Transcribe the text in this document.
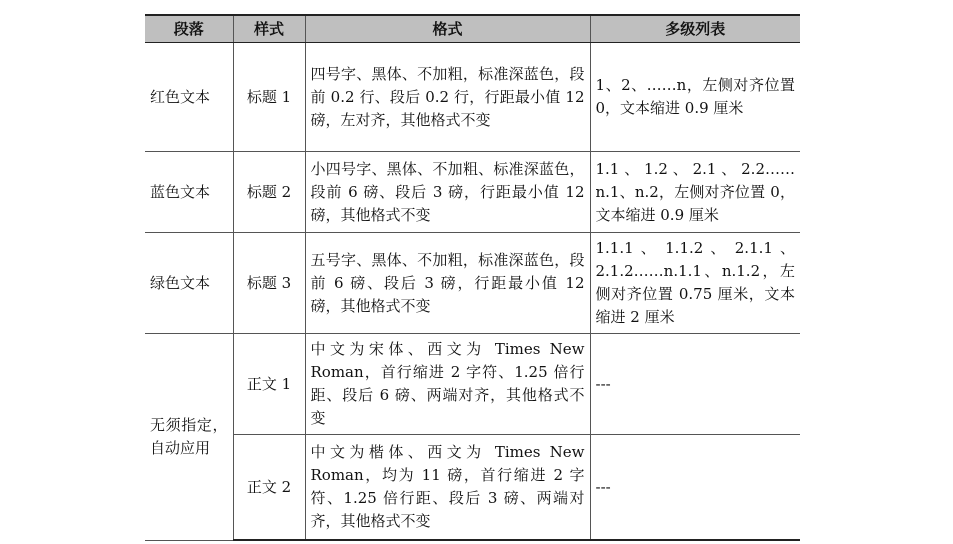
段落	样式	格式	多级列表
红色文本	标题 1	四号字、黑体、不加粗，标准深蓝色，段前 0.2 行、段后 0.2 行，行距最小值 12 磅，左对齐，其他格式不变	1、2、……n，左侧对齐位置 0，文本缩进 0.9 厘米
蓝色文本	标题 2	小四号字、黑体、不加粗、标准深蓝色，段前 6 磅、段后 3 磅，行距最小值 12 磅，其他格式不变	1.1、1.2、2.1、2.2……n.1、n.2，左侧对齐位置 0，文本缩进 0.9 厘米
绿色文本	标题 3	五号字、黑体、不加粗，标准深蓝色，段前 6 磅、段后 3 磅，行距最小值 12 磅，其他格式不变	1.1.1 、 1.1.2 、 2.1.1 、 2.1.2……n.1.1、n.1.2，左侧对齐位置 0.75 厘米，文本缩进 2 厘米
无须指定，自动应用	正文 1	中文为宋体、西文为 Times New Roman，首行缩进 2 字符、1.25 倍行距、段后 6 磅、两端对齐，其他格式不变	---
	正文 2	中文为楷体、西文为 Times New Roman，均为 11 磅，首行缩进 2 字符、1.25 倍行距、段后 3 磅、两端对齐，其他格式不变	---
